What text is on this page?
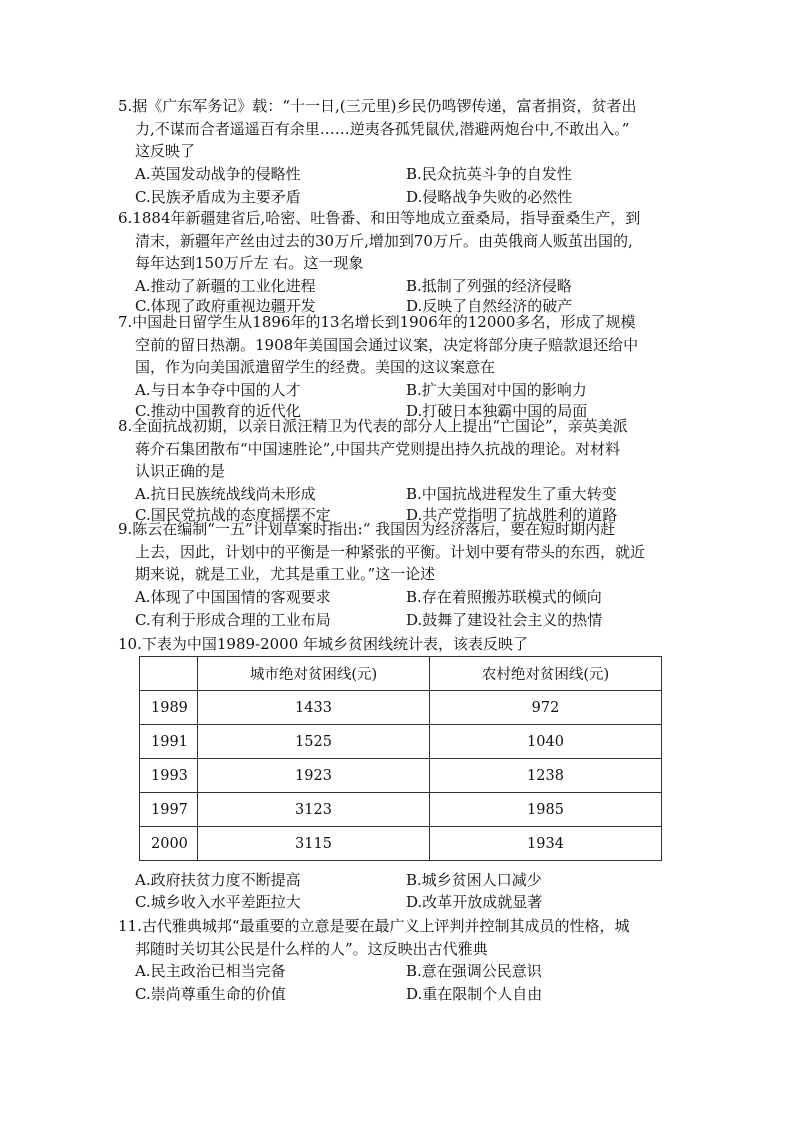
5.据《广东军务记》载：“十一日,(三元里)乡民仍鸣锣传递，富者捐资，贫者出
力,不谋而合者遥遥百有余里……逆夷各孤凭鼠伏,潜避两炮台中,不敢出入。”
这反映了
A.英国发动战争的侵略性	B.民众抗英斗争的自发性
C.民族矛盾成为主要矛盾	D.侵略战争失败的必然性
6.1884年新疆建省后,哈密、吐鲁番、和田等地成立蚕桑局，指导蚕桑生产，到
清末，新疆年产丝由过去的30万斤,增加到70万斤。由英俄商人贩茧出国的,
每年达到150万斤左 右。这一现象
A.推动了新疆的工业化进程	B.抵制了列强的经济侵略
C.体现了政府重视边疆开发	D.反映了自然经济的破产
7.中国赴日留学生从1896年的13名增长到1906年的12000多名，形成了规模
空前的留日热潮。1908年美国国会通过议案，决定将部分庚子赔款退还给中
国，作为向美国派遣留学生的经费。美国的这议案意在
A.与日本争夺中国的人才	B.扩大美国对中国的影响力
C.推动中国教育的近代化	D.打破日本独霸中国的局面
8.全面抗战初期，以亲日派汪精卫为代表的部分人上提出“亡国论”，亲英美派
蒋介石集团散布“中国速胜论”,中国共产党则提出持久抗战的理论。对材料
认识正确的是
A.抗日民族统战线尚未形成	B.中国抗战进程发生了重大转变
C.国民党抗战的态度摇摆不定	D.共产党指明了抗战胜利的道路
9.陈云在编制“一五”计划草案时指出:“ 我国因为经济落后，要在短时期内赶
上去，因此，计划中的平衡是一种紧张的平衡。计划中要有带头的东西，就近
期来说，就是工业，尤其是重工业。”这一论述
A.体现了中国国情的客观要求	B.存在着照搬苏联模式的倾向
C.有利于形成合理的工业布局	D.鼓舞了建设社会主义的热情
10.下表为中国1989-2000 年城乡贫困线统计表，该表反映了
	城市绝对贫困线(元)	农村绝对贫困线(元)
1989	1433	972
1991	1525	1040
1993	1923	1238
1997	3123	1985
2000	3115	1934
A.政府扶贫力度不断提高	B.城乡贫困人口减少
C.城乡收入水平差距拉大	D.改革开放成就显著
11.古代雅典城邦“最重要的立意是要在最广义上评判并控制其成员的性格，城
邦随时关切其公民是什么样的人”。这反映出古代雅典
A.民主政治已相当完备	B.意在强调公民意识
C.崇尚尊重生命的价值	D.重在限制个人自由
